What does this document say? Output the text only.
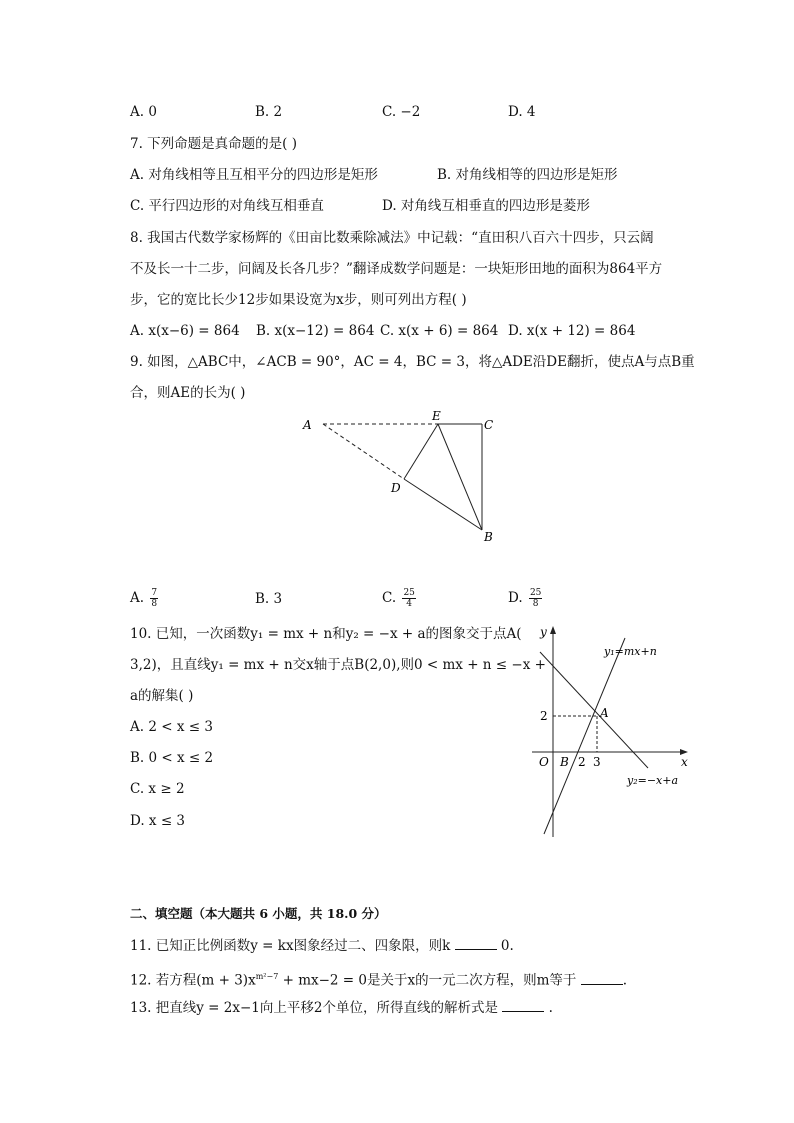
A. 0	B. 2	C. −2	D. 4
7. 下列命题是真命题的是( )
A. 对角线相等且互相平分的四边形是矩形	B. 对角线相等的四边形是矩形
C. 平行四边形的对角线互相垂直	D. 对角线互相垂直的四边形是菱形
8. 我国古代数学家杨辉的《田亩比数乘除减法》中记载：“直田积八百六十四步，只云阔
不及长一十二步，问阔及长各几步？”翻译成数学问题是：一块矩形田地的面积为864平方
步，它的宽比长少12步如果设宽为x步，则可列出方程( )
A. x(x−6) = 864 B. x(x−12) = 864 C. x(x + 6) = 864 D. x(x + 12) = 864
9. 如图，△ABC中，∠ACB = 90°，AC = 4，BC = 3，将△ADE沿DE翻折，使点A与点B重
合，则AE的长为( )
A
E
C
D
B
A. $\frac{7}{8}$	B. 3	C. $\frac{25}{4}$	D. $\frac{25}{8}$
10. 已知，一次函数y₁ = mx + n和y₂ = −x + a的图象交于点A(
3,2)，且直线y₁ = mx + n交x轴于点B(2,0),则0 < mx + n ≤ −x +
a的解集( )
A. 2 < x ≤ 3
B. 0 < x ≤ 2
C. x ≥ 2
D. x ≤ 3
y
x
O B 2 3
2	A
y₁=mx+n
y₂=−x+a
二、填空题（本大题共 6 小题，共 18.0 分）
11. 已知正比例函数y = kx图象经过二、四象限，则k	0.
12. 若方程$(m + 3)x^{m^2-7} + mx-2 = 0$是关于x的一元二次方程，则m等于	.
13. 把直线y = 2x−1向上平移2个单位，所得直线的解析式是	.
